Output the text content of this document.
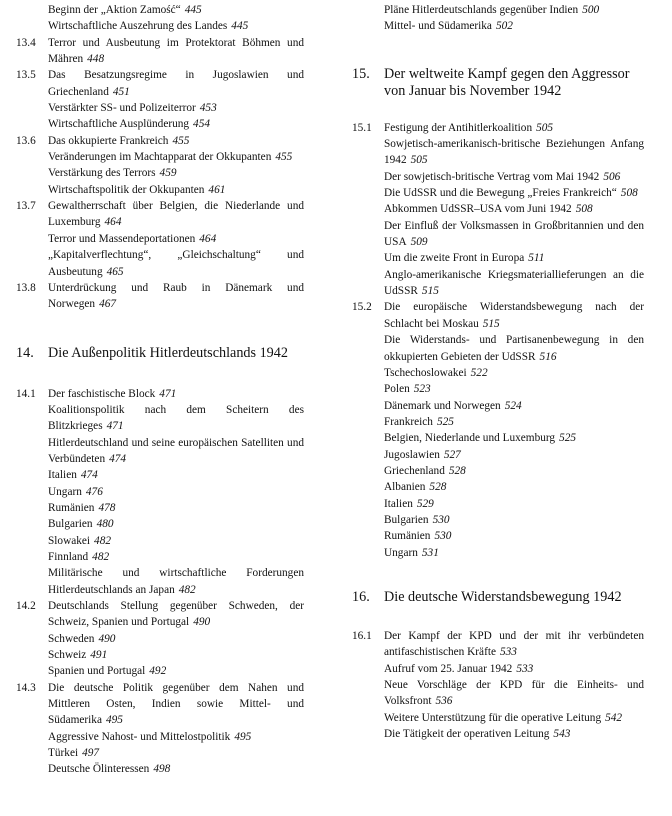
Beginn der „Aktion Zamość“ 445
Wirtschaftliche Auszehrung des Landes 445
13.4	Terror und Ausbeutung im Protektorat Böhmen und Mähren 448
13.5	Das Besatzungsregime in Jugoslawien und Griechenland 451
Verstärkter SS- und Polizeiterror 453
Wirtschaftliche Ausplünderung 454
13.6	Das okkupierte Frankreich 455
Veränderungen im Machtapparat der Okkupanten 455
Verstärkung des Terrors 459
Wirtschaftspolitik der Okkupanten 461
13.7	Gewaltherrschaft über Belgien, die Niederlande und Luxemburg 464
Terror und Massendeportationen 464
„Kapitalverflechtung“, „Gleichschaltung“ und Ausbeutung 465
13.8	Unterdrückung und Raub in Dänemark und Norwegen 467
14.	Die Außenpolitik Hitlerdeutschlands 1942
14.1	Der faschistische Block 471
Koalitionspolitik nach dem Scheitern des Blitzkrieges 471
Hitlerdeutschland und seine europäischen Satelliten und Verbündeten 474
Italien 474
Ungarn 476
Rumänien 478
Bulgarien 480
Slowakei 482
Finnland 482
Militärische und wirtschaftliche Forderungen Hitlerdeutschlands an Japan 482
14.2	Deutschlands Stellung gegenüber Schweden, der Schweiz, Spanien und Portugal 490
Schweden 490
Schweiz 491
Spanien und Portugal 492
14.3	Die deutsche Politik gegenüber dem Nahen und Mittleren Osten, Indien sowie Mittel- und Südamerika 495
Aggressive Nahost- und Mittelostpolitik 495
Türkei 497
Deutsche Ölinteressen 498
Pläne Hitlerdeutschlands gegenüber Indien 500
Mittel- und Südamerika 502
15.	Der weltweite Kampf gegen den Aggressor von Januar bis November 1942
15.1	Festigung der Antihitlerkoalition 505
Sowjetisch-amerikanisch-britische Beziehungen Anfang 1942 505
Der sowjetisch-britische Vertrag vom Mai 1942 506
Die UdSSR und die Bewegung „Freies Frankreich“ 508
Abkommen UdSSR–USA vom Juni 1942 508
Der Einfluß der Volksmassen in Großbritannien und den USA 509
Um die zweite Front in Europa 511
Anglo-amerikanische Kriegsmateriallieferungen an die UdSSR 515
15.2	Die europäische Widerstandsbewegung nach der Schlacht bei Moskau 515
Die Widerstands- und Partisanenbewegung in den okkupierten Gebieten der UdSSR 516
Tschechoslowakei 522
Polen 523
Dänemark und Norwegen 524
Frankreich 525
Belgien, Niederlande und Luxemburg 525
Jugoslawien 527
Griechenland 528
Albanien 528
Italien 529
Bulgarien 530
Rumänien 530
Ungarn 531
16.	Die deutsche Widerstandsbewegung 1942
16.1	Der Kampf der KPD und der mit ihr verbündeten antifaschistischen Kräfte 533
Aufruf vom 25. Januar 1942 533
Neue Vorschläge der KPD für die Einheits- und Volksfront 536
Weitere Unterstützung für die operative Leitung 542
Die Tätigkeit der operativen Leitung 543
